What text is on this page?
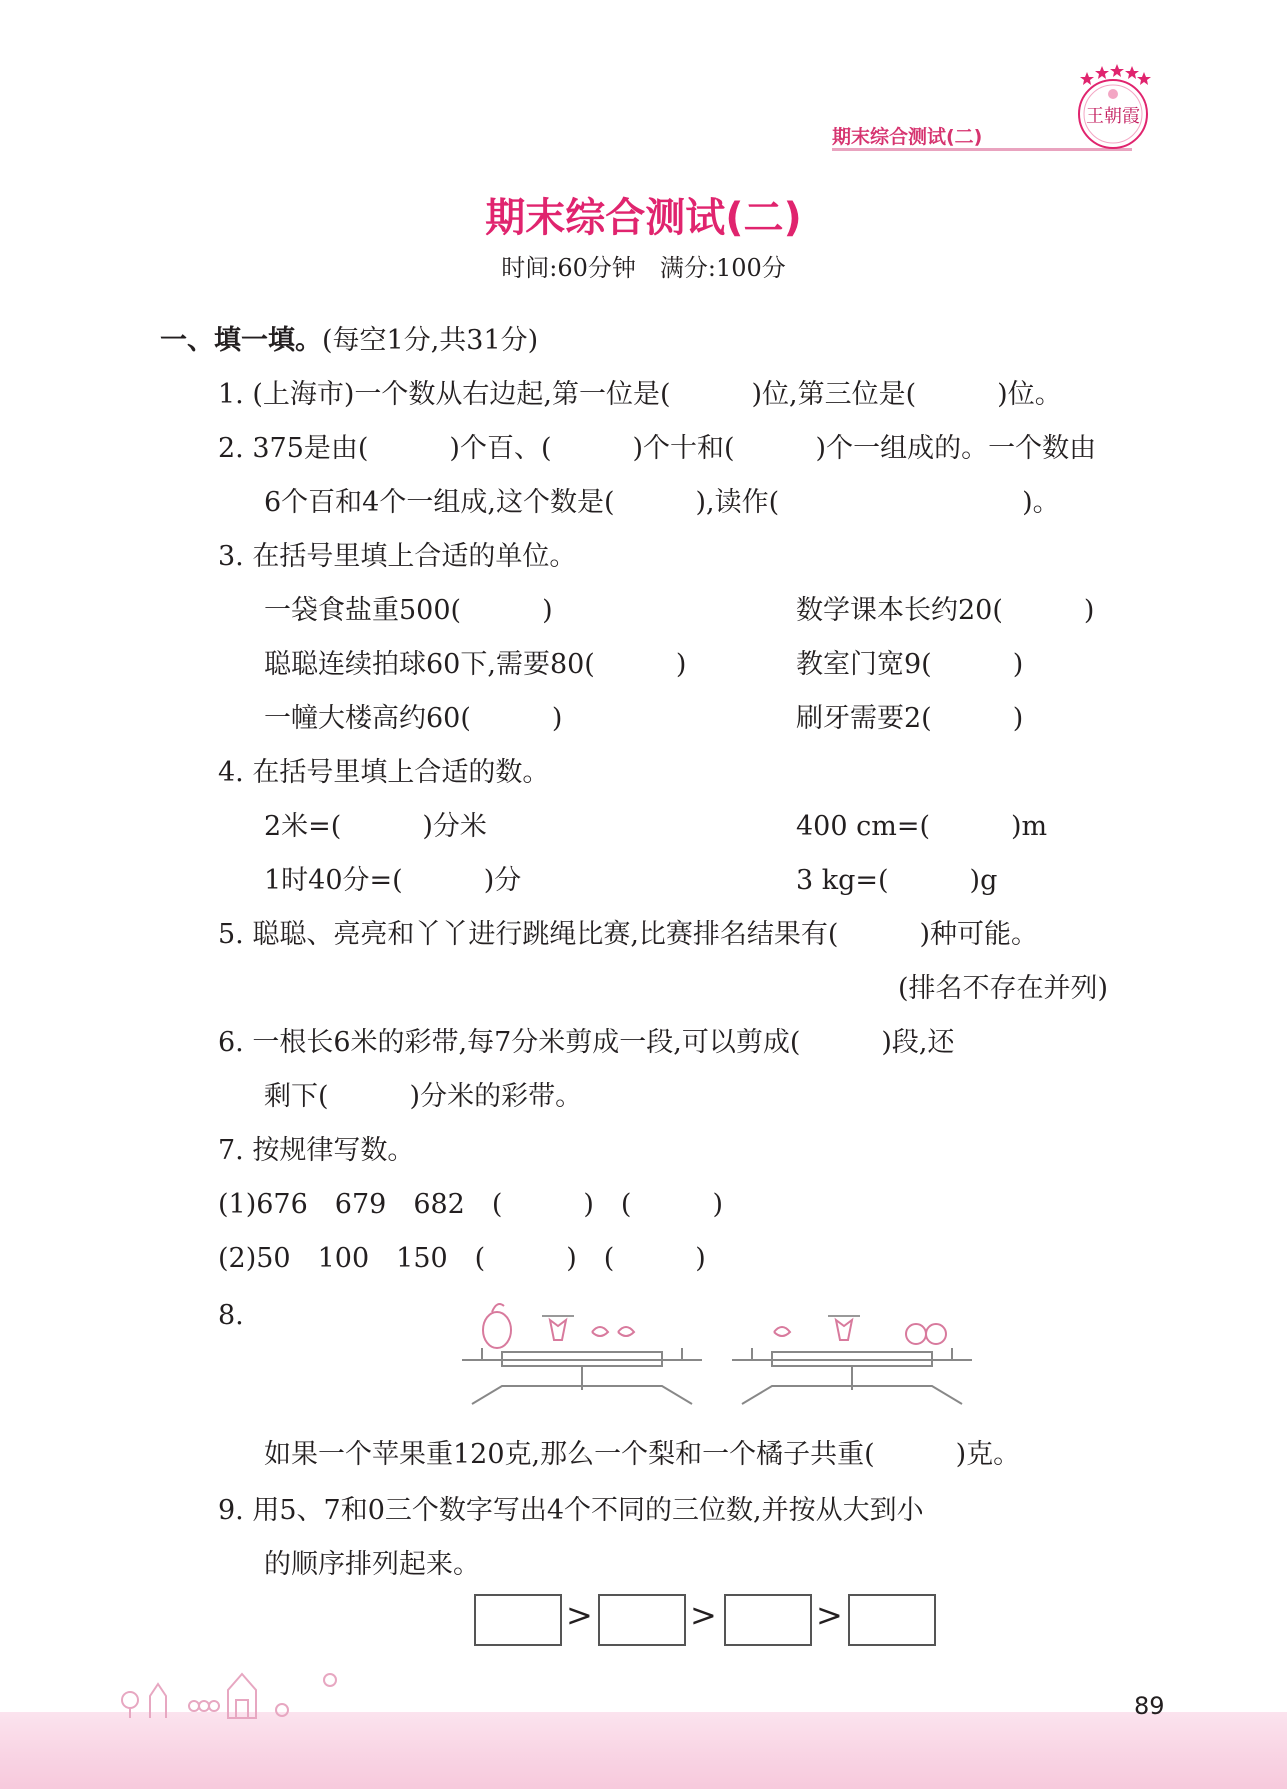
期末综合测试(二)
王朝霞
期末综合测试(二)
时间:60分钟　满分:100分
一、填一填。(每空1分,共31分)
1. (上海市)一个数从右边起,第一位是(　　　)位,第三位是(　　　)位。
2. 375是由(　　　)个百、(　　　)个十和(　　　)个一组成的。一个数由
6个百和4个一组成,这个数是(　　　),读作(　　　　　　　　　)。
3. 在括号里填上合适的单位。
一袋食盐重500(　　　)	数学课本长约20(　　　)
聪聪连续拍球60下,需要80(　　　)	教室门宽9(　　　)
一幢大楼高约60(　　　)	刷牙需要2(　　　)
4. 在括号里填上合适的数。
2米=(　　　)分米	400 cm=(　　　)m
1时40分=(　　　)分	3 kg=(　　　)g
5. 聪聪、亮亮和丫丫进行跳绳比赛,比赛排名结果有(　　　)种可能。
(排名不存在并列)
6. 一根长6米的彩带,每7分米剪成一段,可以剪成(　　　)段,还
剩下(　　　)分米的彩带。
7. 按规律写数。
(1)676　679　682　(　　　)　(　　　)
(2)50　100　150　(　　　)　(　　　)
8.
如果一个苹果重120克,那么一个梨和一个橘子共重(　　　)克。
9. 用5、7和0三个数字写出4个不同的三位数,并按从大到小
的顺序排列起来。
>	>	>
89
